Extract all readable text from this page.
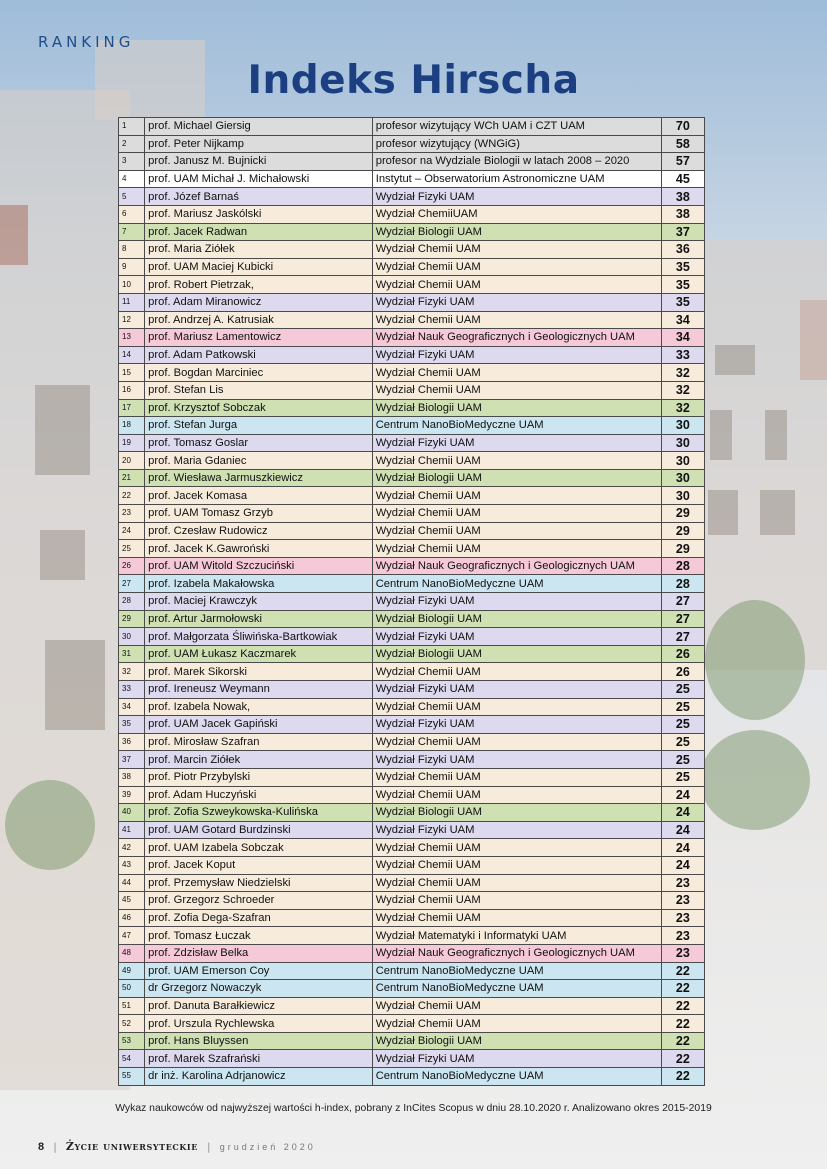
RANKING
Indeks Hirscha
1	prof. Michael Giersig	profesor wizytujący WCh UAM i CZT UAM	70
2	prof. Peter Nijkamp	profesor wizytujący (WNGiG)	58
3	prof. Janusz M. Bujnicki	profesor na Wydziale Biologii w latach 2008 – 2020	57
4	prof. UAM Michał J. Michałowski	Instytut – Obserwatorium Astronomiczne UAM	45
5	prof. Józef Barnaś	Wydział Fizyki UAM	38
6	prof. Mariusz Jaskólski	Wydział ChemiiUAM	38
7	prof. Jacek Radwan	Wydział Biologii UAM	37
8	prof. Maria Ziółek	Wydział Chemii UAM	36
9	prof. UAM Maciej Kubicki	Wydział Chemii UAM	35
10	prof. Robert Pietrzak,	Wydział Chemii UAM	35
11	prof. Adam Miranowicz	Wydział Fizyki UAM	35
12	prof. Andrzej A. Katrusiak	Wydział Chemii UAM	34
13	prof. Mariusz Lamentowicz	Wydział Nauk Geograficznych i Geologicznych UAM	34
14	prof. Adam Patkowski	Wydział Fizyki UAM	33
15	prof. Bogdan Marciniec	Wydział Chemii UAM	32
16	prof. Stefan Lis	Wydział Chemii UAM	32
17	prof. Krzysztof Sobczak	Wydział Biologii UAM	32
18	prof. Stefan Jurga	Centrum NanoBioMedyczne UAM	30
19	prof. Tomasz Goslar	Wydział Fizyki UAM	30
20	prof. Maria Gdaniec	Wydział Chemii UAM	30
21	prof. Wiesława Jarmuszkiewicz	Wydział Biologii UAM	30
22	prof. Jacek Komasa	Wydział Chemii UAM	30
23	prof. UAM Tomasz Grzyb	Wydział Chemii UAM	29
24	prof. Czesław Rudowicz	Wydział Chemii UAM	29
25	prof. Jacek K.Gawroński	Wydział Chemii UAM	29
26	prof. UAM Witold Szczuciński	Wydział Nauk Geograficznych i Geologicznych UAM	28
27	prof. Izabela Makałowska	Centrum NanoBioMedyczne UAM	28
28	prof. Maciej Krawczyk	Wydział Fizyki UAM	27
29	prof. Artur Jarmołowski	Wydział Biologii UAM	27
30	prof. Małgorzata Śliwińska-Bartkowiak	Wydział Fizyki UAM	27
31	prof. UAM Łukasz Kaczmarek	Wydział Biologii UAM	26
32	prof. Marek Sikorski	Wydział Chemii UAM	26
33	prof. Ireneusz Weymann	Wydział Fizyki UAM	25
34	prof. Izabela Nowak,	Wydział Chemii UAM	25
35	prof. UAM Jacek Gapiński	Wydział Fizyki UAM	25
36	prof. Mirosław Szafran	Wydział Chemii UAM	25
37	prof. Marcin Ziółek	Wydział Fizyki UAM	25
38	prof. Piotr Przybylski	Wydział Chemii UAM	25
39	prof. Adam Huczyński	Wydział Chemii UAM	24
40	prof. Zofia Szweykowska-Kulińska	Wydział Biologii UAM	24
41	prof. UAM Gotard Burdzinski	Wydział Fizyki UAM	24
42	prof. UAM Izabela Sobczak	Wydział Chemii UAM	24
43	prof. Jacek Koput	Wydział Chemii UAM	24
44	prof. Przemysław Niedzielski	Wydział Chemii UAM	23
45	prof. Grzegorz Schroeder	Wydział Chemii UAM	23
46	prof. Zofia Dega-Szafran	Wydział Chemii UAM	23
47	prof. Tomasz Łuczak	Wydział Matematyki i Informatyki UAM	23
48	prof. Zdzisław Belka	Wydział Nauk Geograficznych i Geologicznych UAM	23
49	prof. UAM Emerson Coy	Centrum NanoBioMedyczne UAM	22
50	dr Grzegorz Nowaczyk	Centrum NanoBioMedyczne UAM	22
51	prof. Danuta Barałkiewicz	Wydział Chemii UAM	22
52	prof. Urszula Rychlewska	Wydział Chemii UAM	22
53	prof. Hans Bluyssen	Wydział Biologii UAM	22
54	prof. Marek Szafrański	Wydział Fizyki UAM	22
55	dr inż. Karolina Adrjanowicz	Centrum NanoBioMedyczne UAM	22
Wykaz naukowców od najwyższej wartości h-index, pobrany z InCites Scopus w dniu 28.10.2020 r. Analizowano okres 2015-2019
8 | Życie uniwersyteckie | grudzień 2020
